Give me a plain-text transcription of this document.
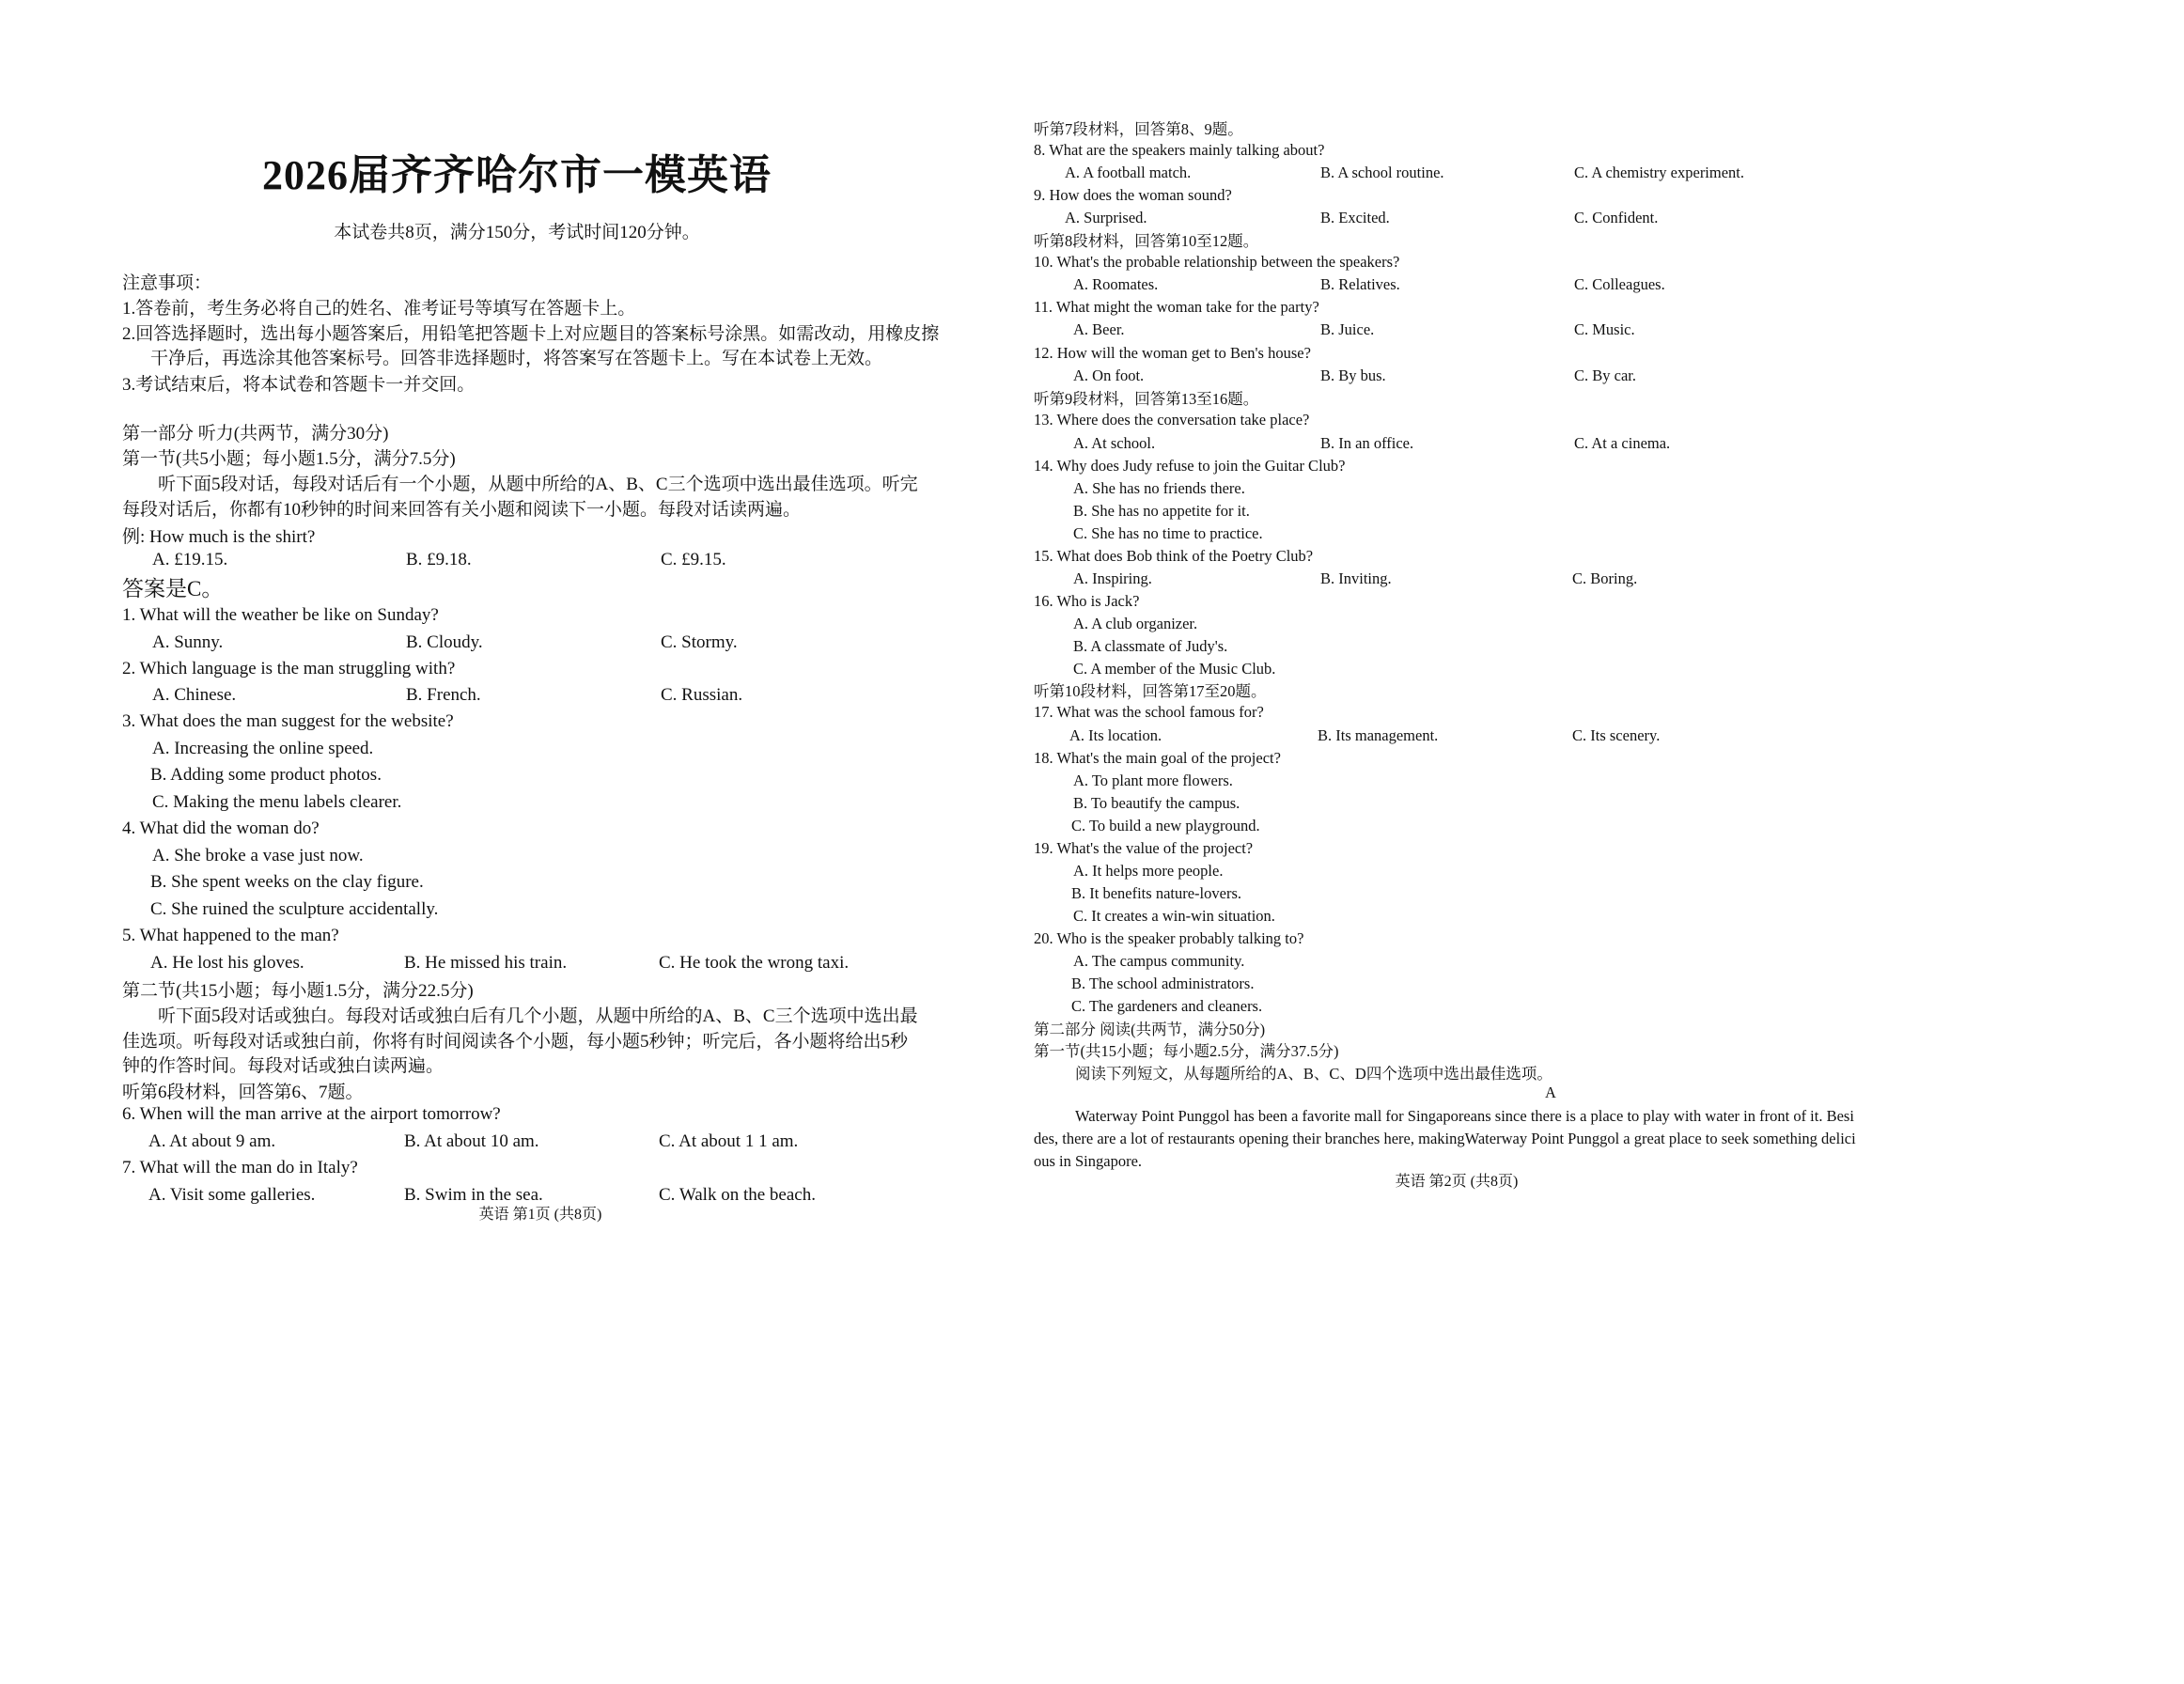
2026届齐齐哈尔市一模英语
本试卷共8页，满分150分，考试时间120分钟。
注意事项：
1.答卷前，考生务必将自己的姓名、准考证号等填写在答题卡上。
2.回答选择题时，选出每小题答案后，用铅笔把答题卡上对应题目的答案标号涂黑。如需改动，用橡皮擦
干净后，再选涂其他答案标号。回答非选择题时，将答案写在答题卡上。写在本试卷上无效。
3.考试结束后，将本试卷和答题卡一并交回。
第一部分 听力(共两节，满分30分)
第一节(共5小题；每小题1.5分，满分7.5分)
听下面5段对话，每段对话后有一个小题，从题中所给的A、B、C三个选项中选出最佳选项。听完
每段对话后，你都有10秒钟的时间来回答有关小题和阅读下一小题。每段对话读两遍。
例: How much is the shirt?
A. £19.15.	B. £9.18.	C. £9.15.
答案是C。
1. What will the weather be like on Sunday?
A. Sunny.	B. Cloudy.	C. Stormy.
2. Which language is the man struggling with?
A. Chinese.	B. French.	C. Russian.
3. What does the man suggest for the website?
A. Increasing the online speed.
B. Adding some product photos.
C. Making the menu labels clearer.
4. What did the woman do?
A. She broke a vase just now.
B. She spent weeks on the clay figure.
C. She ruined the sculpture accidentally.
5. What happened to the man?
A. He lost his gloves.	B. He missed his train.	C. He took the wrong taxi.
第二节(共15小题；每小题1.5分，满分22.5分)
听下面5段对话或独白。每段对话或独白后有几个小题，从题中所给的A、B、C三个选项中选出最
佳选项。听每段对话或独白前，你将有时间阅读各个小题，每小题5秒钟；听完后，各小题将给出5秒
钟的作答时间。每段对话或独白读两遍。
听第6段材料，回答第6、7题。
6. When will the man arrive at the airport tomorrow?
A. At about 9 am.	B. At about 10 am.	C. At about 1 1 am.
7. What will the man do in Italy?
A. Visit some galleries.	B. Swim in the sea.	C. Walk on the beach.
英语 第1页 (共8页)
听第7段材料，回答第8、9题。
8. What are the speakers mainly talking about?
A. A football match.	B. A school routine.	C. A chemistry experiment.
9. How does the woman sound?
A. Surprised.	B. Excited.	C. Confident.
听第8段材料，回答第10至12题。
10. What's the probable relationship between the speakers?
A. Roomates.	B. Relatives.	C. Colleagues.
11. What might the woman take for the party?
A. Beer.	B. Juice.	C. Music.
12. How will the woman get to Ben's house?
A. On foot.	B. By bus.	C. By car.
听第9段材料，回答第13至16题。
13. Where does the conversation take place?
A. At school.	B. In an office.	C. At a cinema.
14. Why does Judy refuse to join the Guitar Club?
A. She has no friends there.
B. She has no appetite for it.
C. She has no time to practice.
15. What does Bob think of the Poetry Club?
A. Inspiring.	B. Inviting.	C. Boring.
16. Who is Jack?
A. A club organizer.
B. A classmate of Judy's.
C. A member of the Music Club.
听第10段材料，回答第17至20题。
17. What was the school famous for?
A. Its location.	B. Its management.	C. Its scenery.
18. What's the main goal of the project?
A. To plant more flowers.
B. To beautify the campus.
C. To build a new playground.
19. What's the value of the project?
A. It helps more people.
B. It benefits nature-lovers.
C. It creates a win-win situation.
20. Who is the speaker probably talking to?
A. The campus community.
B. The school administrators.
C. The gardeners and cleaners.
第二部分 阅读(共两节，满分50分)
第一节(共15小题；每小题2.5分，满分37.5分)
阅读下列短文，从每题所给的A、B、C、D四个选项中选出最佳选项。
A
Waterway Point Punggol has been a favorite mall for Singaporeans since there is a place to play with water in front of it. Besi
des, there are a lot of restaurants opening their branches here, makingWaterway Point Punggol a great place to seek something delici
ous in Singapore.
英语 第2页 (共8页)
